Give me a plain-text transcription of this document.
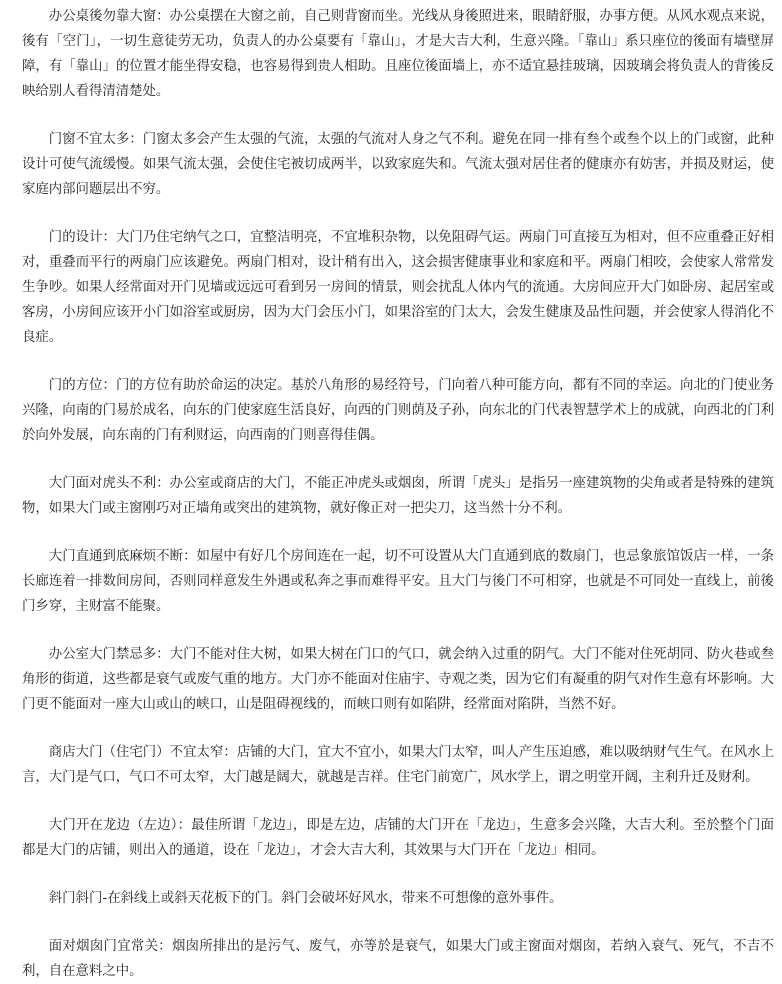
办公桌後勿靠大窗：办公桌摆在大窗之前，自己则背窗而坐。光线从身後照进来，眼睛舒服，办事方便。从风水观点来说，後有「空门」，一切生意徒劳无功，负责人的办公桌要有「靠山」，才是大吉大利，生意兴隆。「靠山」系只座位的後面有墙壁屏障，有「靠山」的位置才能坐得安稳，也容易得到贵人相助。且座位後面墙上，亦不适宜悬挂玻璃，因玻璃会将负责人的背後反映给别人看得清清楚处。

门窗不宜太多：门窗太多会产生太强的气流，太强的气流对人身之气不利。避免在同一排有叁个或叁个以上的门或窗，此种设计可使气流缓慢。如果气流太强，会使住宅被切成两半，以致家庭失和。气流太强对居住者的健康亦有妨害，并损及财运，使家庭内部问题层出不穷。

门的设计：大门乃住宅纳气之口，宜整洁明亮，不宜堆积杂物，以免阻碍气运。两扇门可直接互为相对，但不应重叠正好相对，重叠而平行的两扇门应该避免。两扇门相对，设计稍有出入，这会损害健康事业和家庭和平。两扇门相咬，会使家人常常发生争吵。如果人经常面对开门见墙或远远可看到另一房间的情景，则会扰乱人体内气的流通。大房间应开大门如卧房、起居室或客房，小房间应该开小门如浴室或厨房，因为大门会压小门，如果浴室的门太大，会发生健康及品性问题，并会使家人得消化不良症。

门的方位：门的方位有助於命运的决定。基於八角形的易经符号，门向着八种可能方向，都有不同的幸运。向北的门使业务兴隆，向南的门易於成名，向东的门使家庭生活良好，向西的门则荫及子孙，向东北的门代表智慧学术上的成就，向西北的门利於向外发展，向东南的门有利财运，向西南的门则喜得佳偶。

大门面对虎头不利：办公室或商店的大门，不能正冲虎头或烟囱，所谓「虎头」是指另一座建筑物的尖角或者是特殊的建筑物，如果大门或主窗刚巧对正墙角或突出的建筑物，就好像正对一把尖刀，这当然十分不利。

大门直通到底麻烦不断：如屋中有好几个房间连在一起，切不可设置从大门直通到底的数扇门，也忌象旅馆饭店一样，一条长廊连着一排数间房间，否则同样意发生外遇或私奔之事而难得平安。且大门与後门不可相穿，也就是不可同处一直线上，前後门乡穿，主财富不能聚。

办公室大门禁忌多：大门不能对住大树，如果大树在门口的气口，就会纳入过重的阴气。大门不能对住死胡同、防火巷或叁角形的街道，这些都是衰气或废气重的地方。大门亦不能面对住庙宇、寺观之类，因为它们有凝重的阴气对作生意有坏影响。大门更不能面对一座大山或山的峡口，山是阻碍视线的，而峡口则有如陷阱，经常面对陷阱，当然不好。

商店大门（住宅门）不宜太窄：店铺的大门，宜大不宜小，如果大门太窄，叫人产生压迫感，难以吸纳财气生气。在风水上言，大门是气口，气口不可太窄，大门越是阔大，就越是吉祥。住宅门前宽广，风水学上，谓之明堂开阔，主利升迁及财利。

大门开在龙边（左边）：最佳所谓「龙边」，即是左边，店铺的大门开在「龙边」，生意多会兴隆，大吉大利。至於整个门面都是大门的店铺，则出入的通道，设在「龙边」，才会大吉大利，其效果与大门开在「龙边」相同。

斜门斜门-在斜线上或斜天花板下的门。斜门会破坏好风水，带来不可想像的意外事件。

面对烟囱门宜常关：烟囱所排出的是污气、废气，亦等於是衰气，如果大门或主窗面对烟囱，若纳入衰气、死气，不吉不利，自在意料之中。
